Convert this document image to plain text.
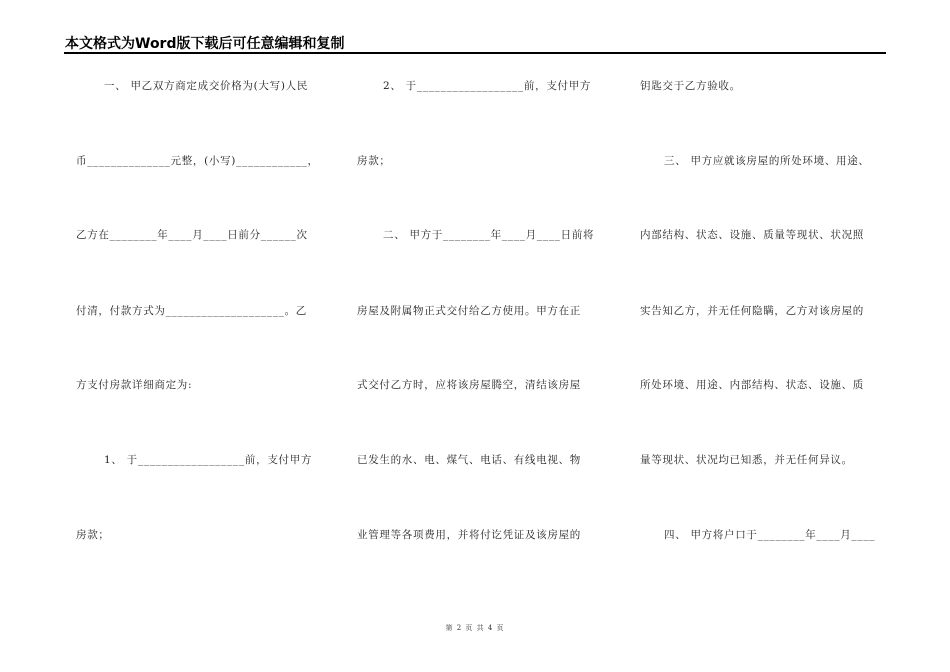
本文格式为Word版下载后可任意编辑和复制
一、 甲乙双方商定成交价格为(大写)人民
币______________元整，(小写)____________，
乙方在________年____月____日前分______次
付清，付款方式为____________________。乙
方支付房款详细商定为:
1、 于__________________前，支付甲方
房款；
2、 于__________________前，支付甲方
房款；
二、 甲方于________年____月____日前将
房屋及附属物正式交付给乙方使用。甲方在正
式交付乙方时，应将该房屋腾空，清结该房屋
已发生的水、电、煤气、电话、有线电视、物
业管理等各项费用，并将付讫凭证及该房屋的
钥匙交于乙方验收。
三、 甲方应就该房屋的所处环境、用途、
内部结构、状态、设施、质量等现状、状况照
实告知乙方，并无任何隐瞒，乙方对该房屋的
所处环境、用途、内部结构、状态、设施、质
量等现状、状况均已知悉，并无任何异议。
四、 甲方将户口于________年____月____
第 2 页 共 4 页
